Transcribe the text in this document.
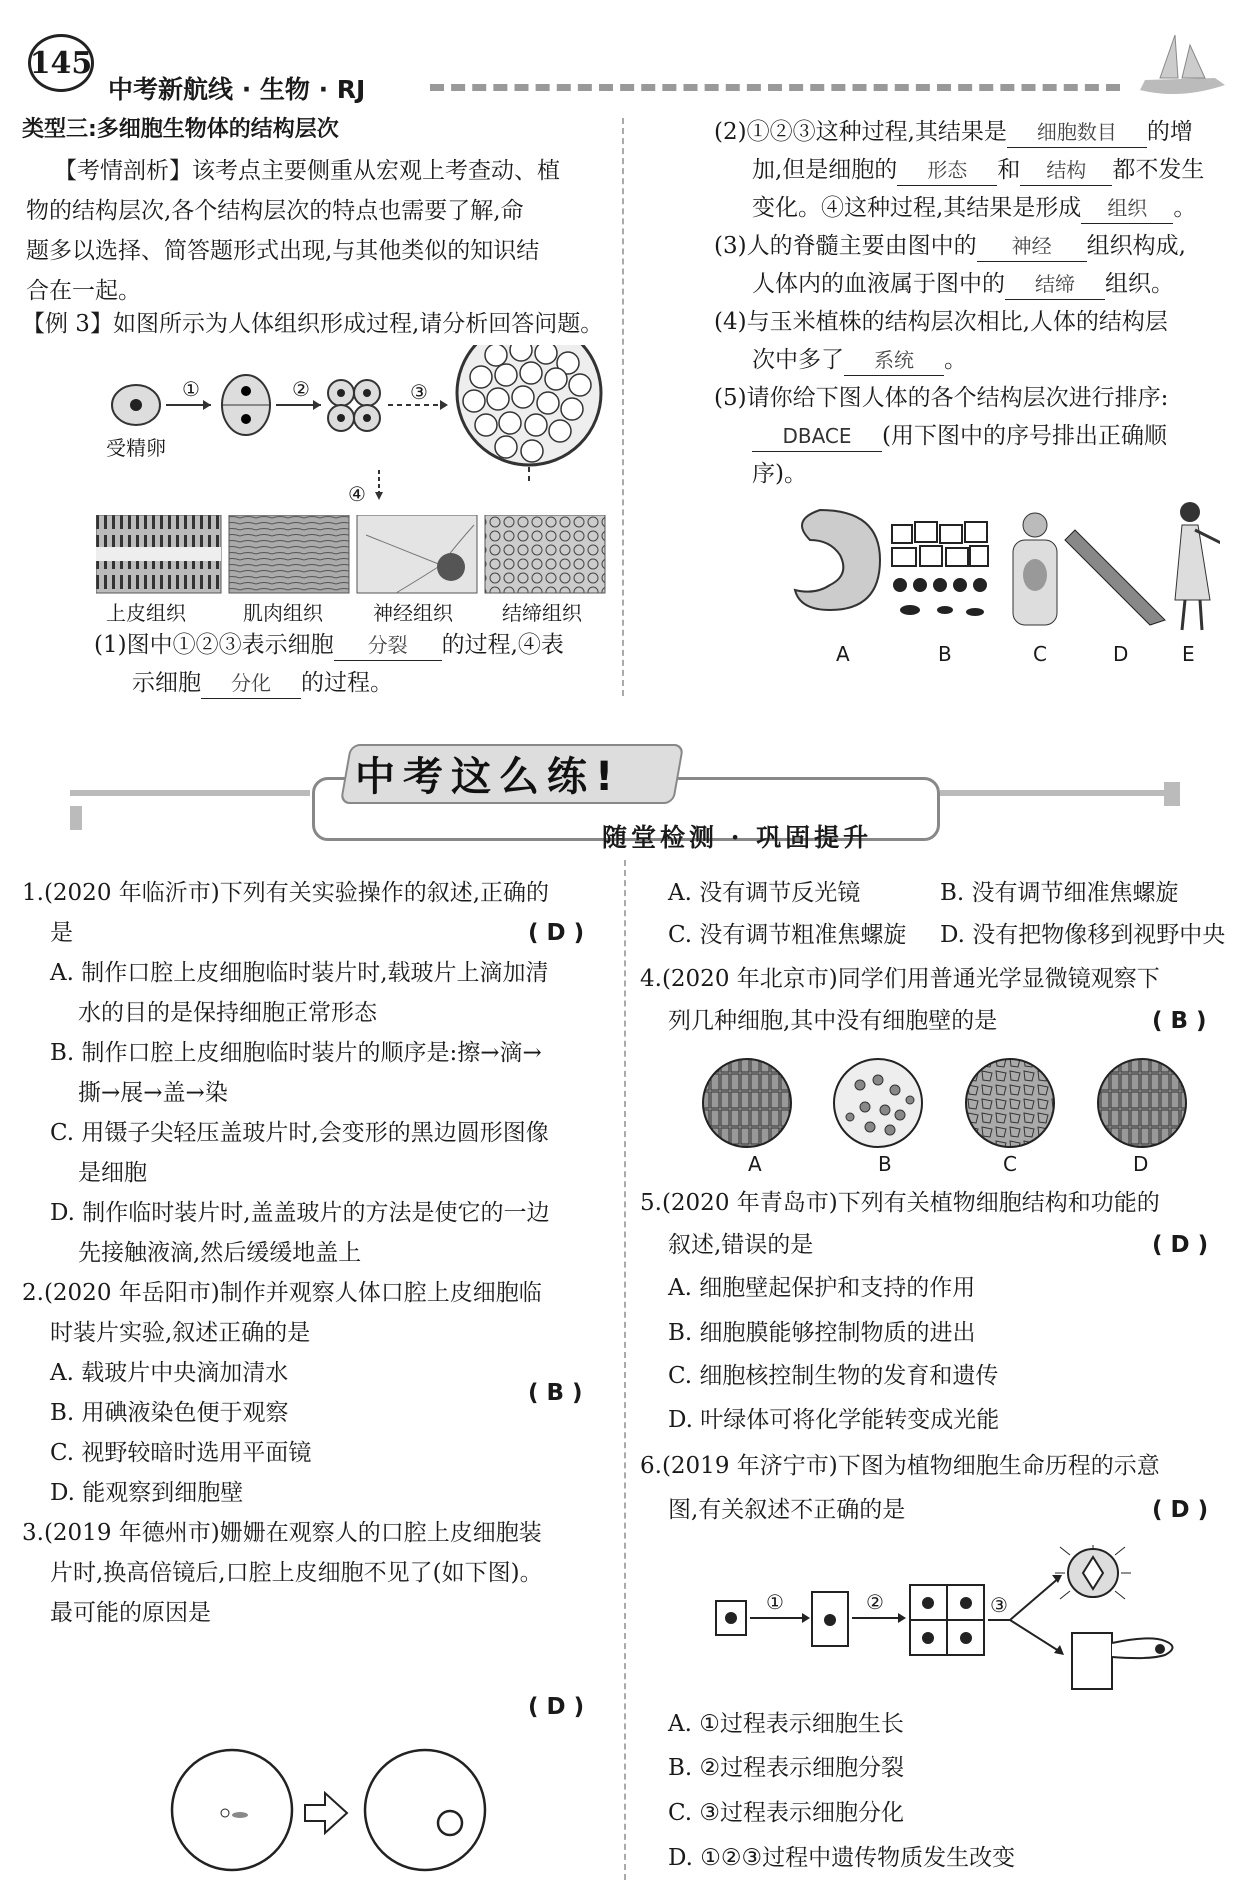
145
中考新航线 · 生物 · RJ
类型三:多细胞生物体的结构层次
【考情剖析】该考点主要侧重从宏观上考查动、植
物的结构层次,各个结构层次的特点也需要了解,命
题多以选择、简答题形式出现,与其他类似的知识结
合在一起。
【例 3】如图所示为人体组织形成过程,请分析回答问题。
受精卵
①	②	③
④
上皮组织	肌肉组织	神经组织 结缔组织
(1)图中①②③表示细胞 分裂 的过程,④表
示细胞 分化 的过程。
(2)①②③这种过程,其结果是 细胞数目 的增
加,但是细胞的 形态 和 结构 都不发生
变化。④这种过程,其结果是形成 组织 。
(3)人的脊髓主要由图中的 神经 组织构成,
人体内的血液属于图中的 结缔 组织。
(4)与玉米植株的结构层次相比,人体的结构层
次中多了 系统 。
(5)请你给下图人体的各个结构层次进行排序:
DBACE (用下图中的序号排出正确顺
序)。
A	B	C	D	E
中考这么练!
随堂检测 · 巩固提升
1.(2020 年临沂市)下列有关实验操作的叙述,正确的
是
A. 制作口腔上皮细胞临时装片时,载玻片上滴加清
水的目的是保持细胞正常形态
B. 制作口腔上皮细胞临时装片的顺序是:擦→滴→
撕→展→盖→染
C. 用镊子尖轻压盖玻片时,会变形的黑边圆形图像
是细胞
D. 制作临时装片时,盖盖玻片的方法是使它的一边
先接触液滴,然后缓缓地盖上
2.(2020 年岳阳市)制作并观察人体口腔上皮细胞临
时装片实验,叙述正确的是
A. 载玻片中央滴加清水
B. 用碘液染色便于观察
C. 视野较暗时选用平面镜
D. 能观察到细胞壁
3.(2019 年德州市)姗姗在观察人的口腔上皮细胞装
片时,换高倍镜后,口腔上皮细胞不见了(如下图)。
最可能的原因是
( D )
( B )
( D )
A. 没有调节反光镜	B. 没有调节细准焦螺旋
C. 没有调节粗准焦螺旋 D. 没有把物像移到视野中央
4.(2020 年北京市)同学们用普通光学显微镜观察下
列几种细胞,其中没有细胞壁的是	( B )
A	B	C	D
5.(2020 年青岛市)下列有关植物细胞结构和功能的
叙述,错误的是	( D )
A. 细胞壁起保护和支持的作用
B. 细胞膜能够控制物质的进出
C. 细胞核控制生物的发育和遗传
D. 叶绿体可将化学能转变成光能
6.(2019 年济宁市)下图为植物细胞生命历程的示意
图,有关叙述不正确的是	( D )
①	②	③
A. ①过程表示细胞生长
B. ②过程表示细胞分裂
C. ③过程表示细胞分化
D. ①②③过程中遗传物质发生改变
